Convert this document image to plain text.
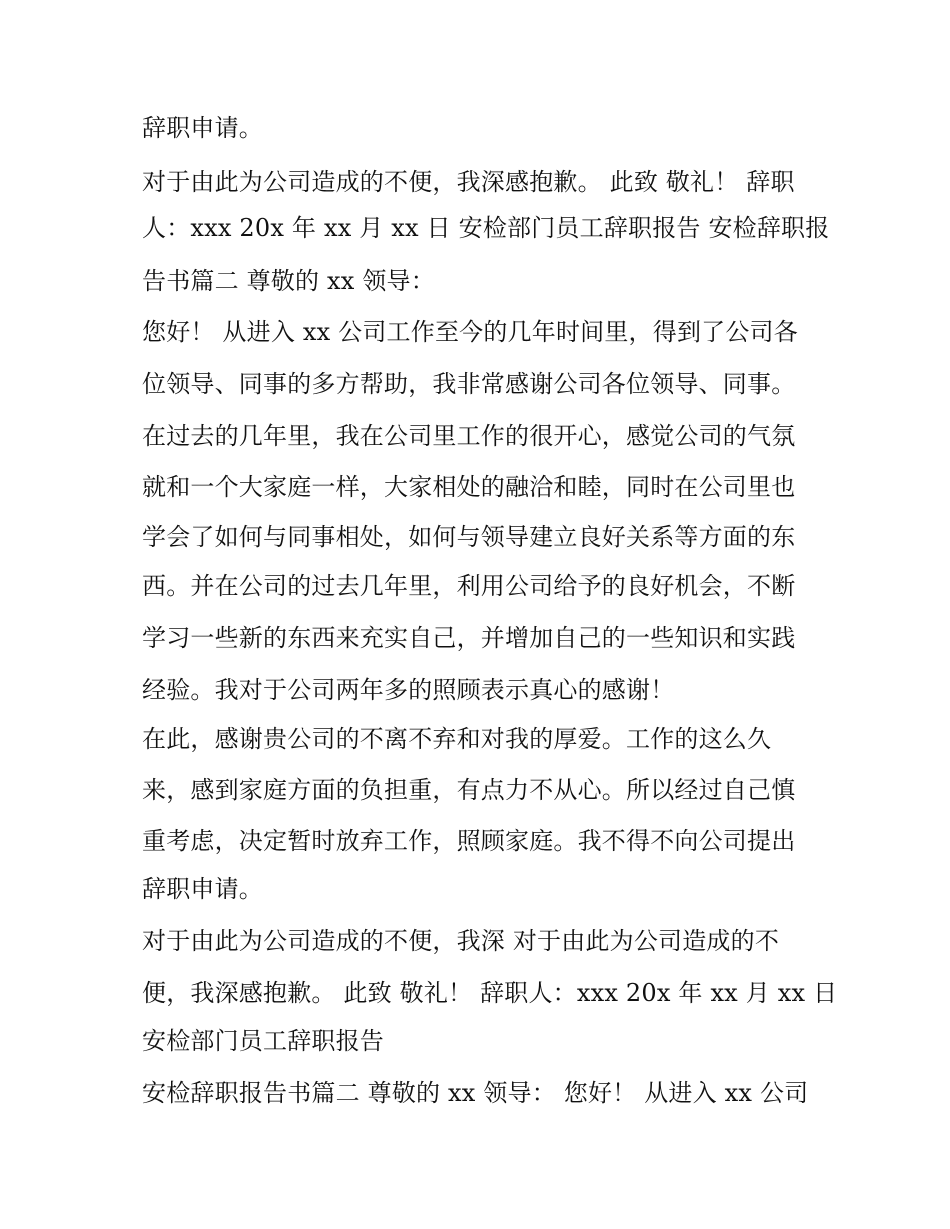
辞职申请。
对于由此为公司造成的不便，我深感抱歉。 此致 敬礼！ 辞职
人：xxx 20x 年 xx 月 xx 日 安检部门员工辞职报告 安检辞职报
告书篇二 尊敬的 xx 领导：
您好！ 从进入 xx 公司工作至今的几年时间里，得到了公司各
位领导、同事的多方帮助，我非常感谢公司各位领导、同事。
在过去的几年里，我在公司里工作的很开心，感觉公司的气氛
就和一个大家庭一样，大家相处的融洽和睦，同时在公司里也
学会了如何与同事相处，如何与领导建立良好关系等方面的东
西。并在公司的过去几年里，利用公司给予的良好机会，不断
学习一些新的东西来充实自己，并增加自己的一些知识和实践
经验。我对于公司两年多的照顾表示真心的感谢！
在此，感谢贵公司的不离不弃和对我的厚爱。工作的这么久
来，感到家庭方面的负担重，有点力不从心。所以经过自己慎
重考虑，决定暂时放弃工作，照顾家庭。我不得不向公司提出
辞职申请。
对于由此为公司造成的不便，我深 对于由此为公司造成的不
便，我深感抱歉。 此致 敬礼！ 辞职人：xxx 20x 年 xx 月 xx 日
安检部门员工辞职报告
安检辞职报告书篇二 尊敬的 xx 领导： 您好！ 从进入 xx 公司
